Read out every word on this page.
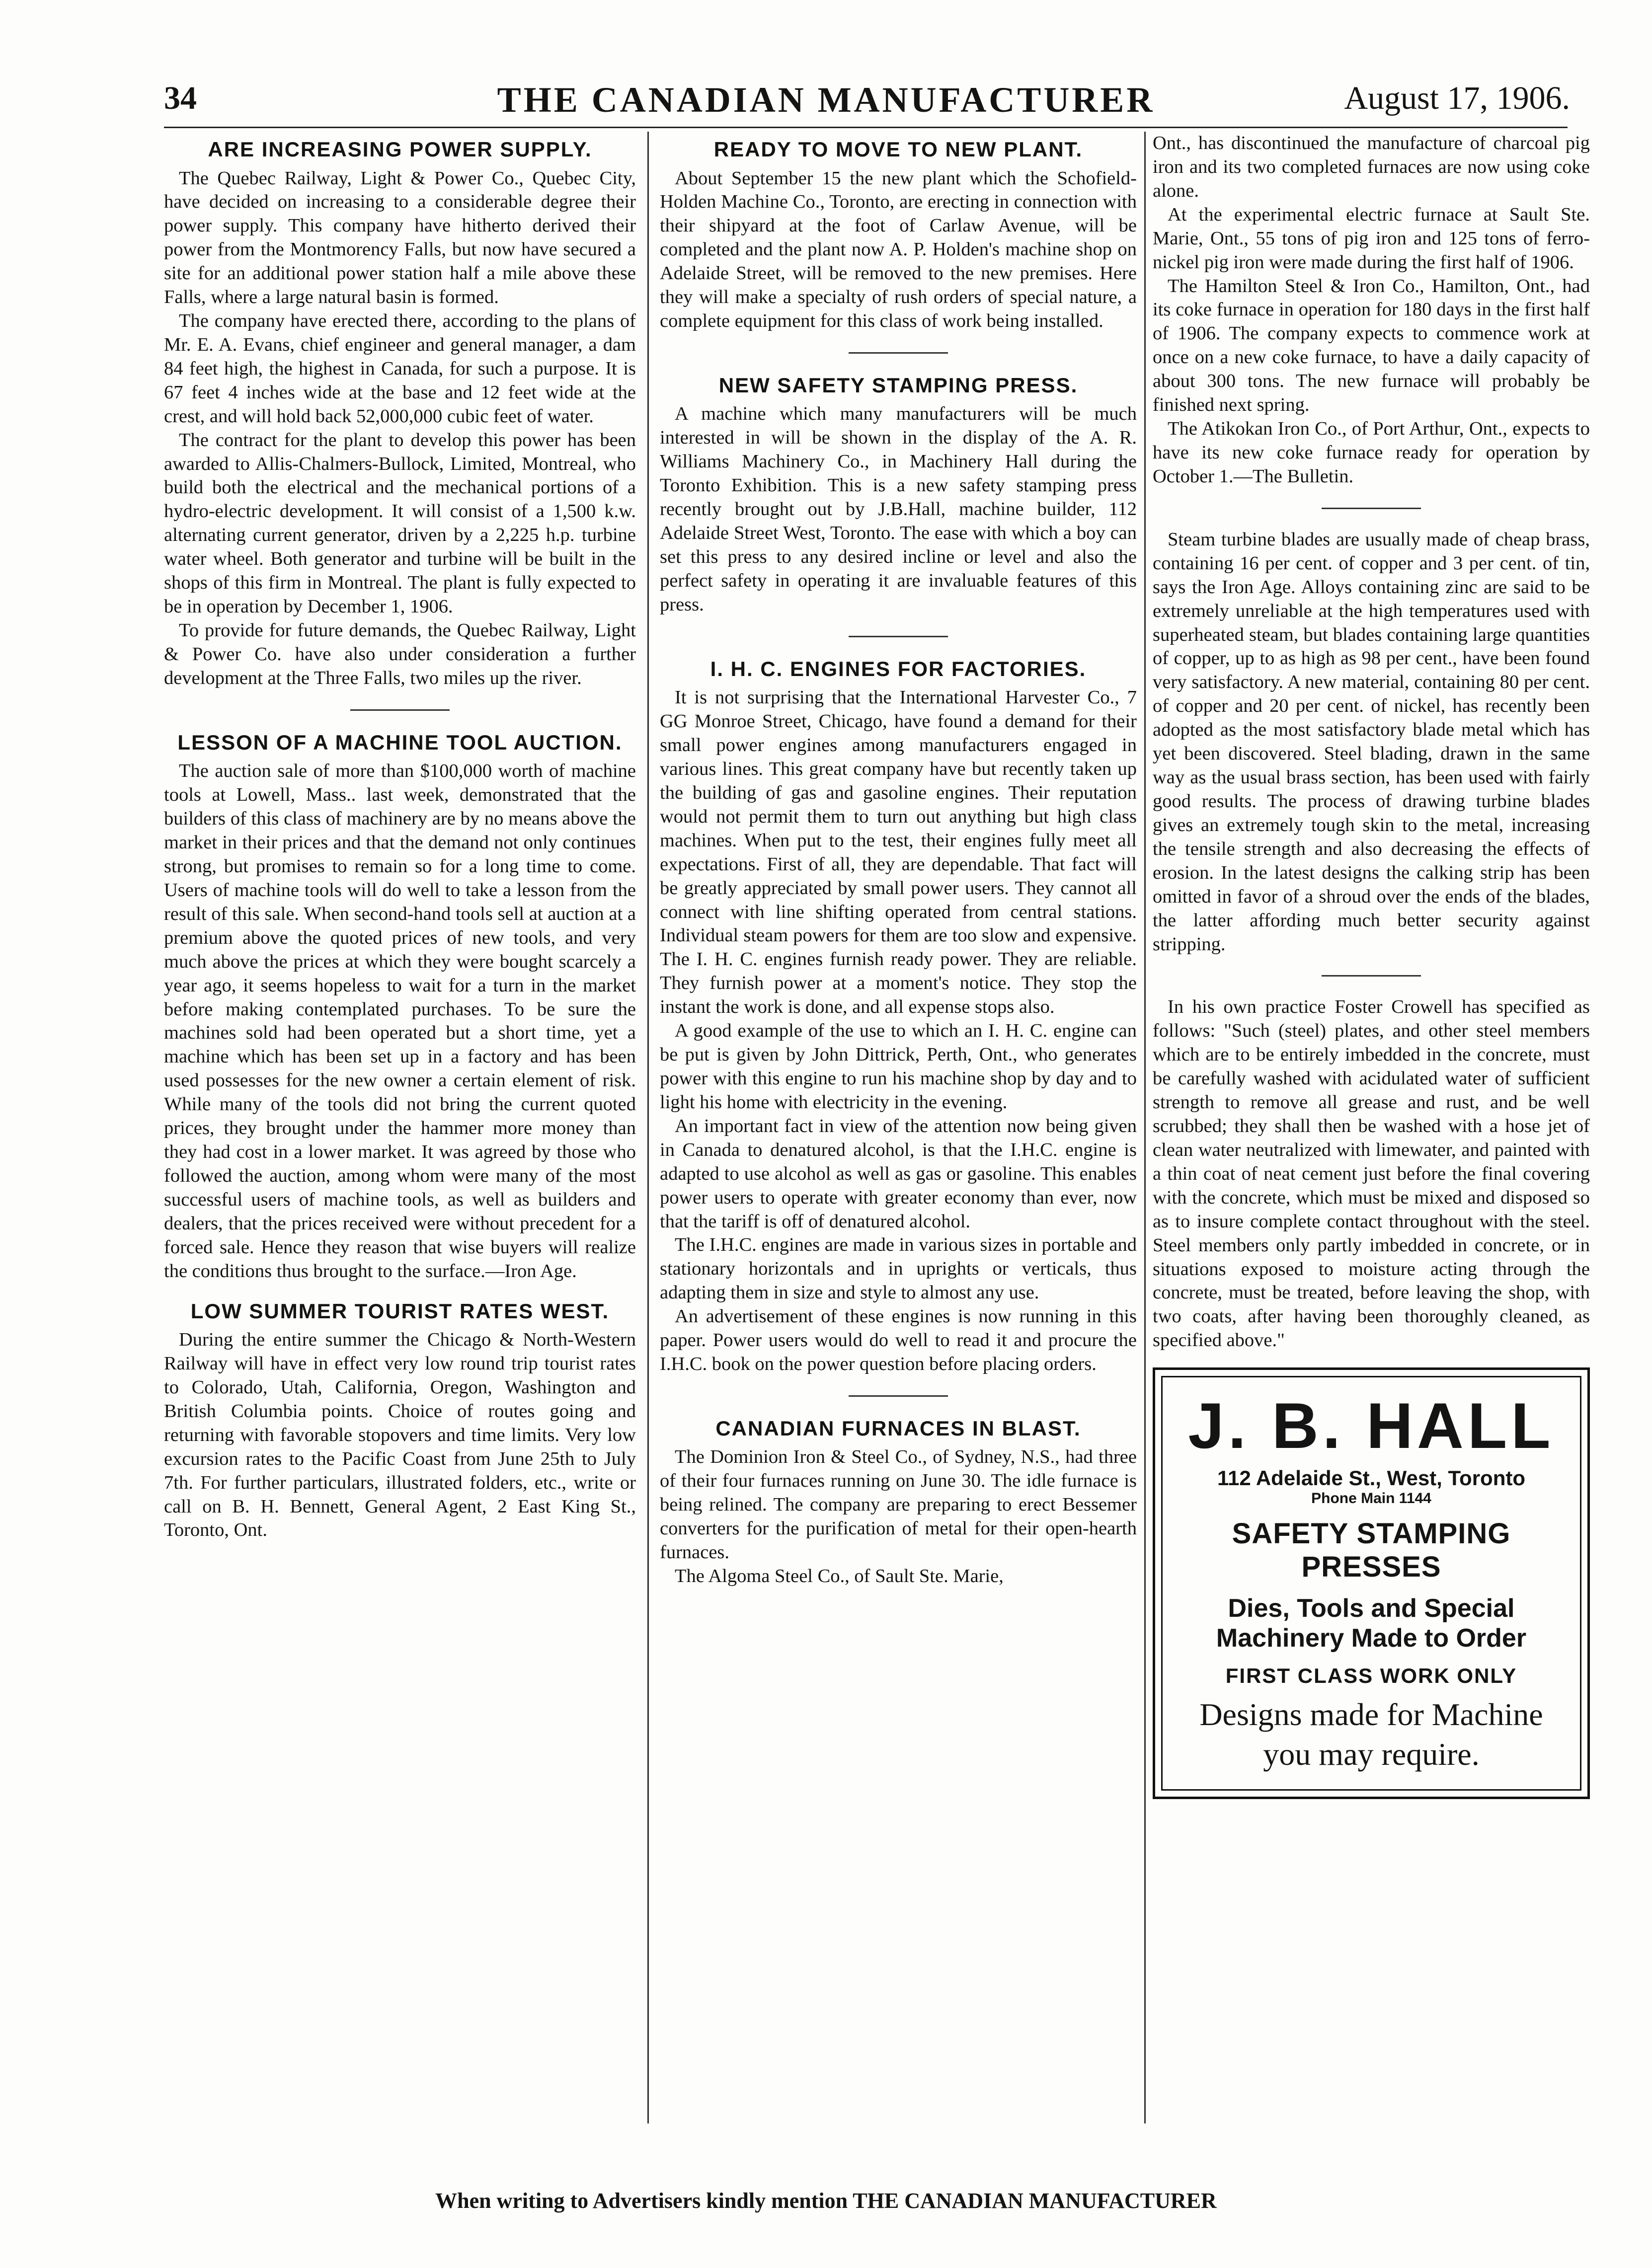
THE CANADIAN MANUFACTURER
34	August 17, 1906.
ARE INCREASING POWER SUPPLY.

The Quebec Railway, Light & Power Co., Quebec City, have decided on increasing to a considerable degree their power supply. This company have hitherto derived their power from the Montmorency Falls, but now have secured a site for an additional power station half a mile above these Falls, where a large natural basin is formed.

The company have erected there, according to the plans of Mr. E. A. Evans, chief engineer and general manager, a dam 84 feet high, the highest in Canada, for such a purpose. It is 67 feet 4 inches wide at the base and 12 feet wide at the crest, and will hold back 52,000,000 cubic feet of water.

The contract for the plant to develop this power has been awarded to Allis-Chalmers-Bullock, Limited, Montreal, who build both the electrical and the mechanical portions of a hydro-electric development. It will consist of a 1,500 k.w. alternating current generator, driven by a 2,225 h.p. turbine water wheel. Both generator and turbine will be built in the shops of this firm in Montreal. The plant is fully expected to be in operation by December 1, 1906.

To provide for future demands, the Quebec Railway, Light & Power Co. have also under consideration a further development at the Three Falls, two miles up the river.

LESSON OF A MACHINE TOOL AUCTION.

The auction sale of more than $100,000 worth of machine tools at Lowell, Mass.. last week, demonstrated that the builders of this class of machinery are by no means above the market in their prices and that the demand not only continues strong, but promises to remain so for a long time to come. Users of machine tools will do well to take a lesson from the result of this sale. When second-hand tools sell at auction at a premium above the quoted prices of new tools, and very much above the prices at which they were bought scarcely a year ago, it seems hopeless to wait for a turn in the market before making contemplated purchases. To be sure the machines sold had been operated but a short time, yet a machine which has been set up in a factory and has been used possesses for the new owner a certain element of risk. While many of the tools did not bring the current quoted prices, they brought under the hammer more money than they had cost in a lower market. It was agreed by those who followed the auction, among whom were many of the most successful users of machine tools, as well as builders and dealers, that the prices received were without precedent for a forced sale. Hence they reason that wise buyers will realize the conditions thus brought to the surface.—Iron Age.

LOW SUMMER TOURIST RATES WEST.

During the entire summer the Chicago & North-Western Railway will have in effect very low round trip tourist rates to Colorado, Utah, California, Oregon, Washington and British Columbia points. Choice of routes going and returning with favorable stopovers and time limits. Very low excursion rates to the Pacific Coast from June 25th to July 7th. For further particulars, illustrated folders, etc., write or call on B. H. Bennett, General Agent, 2 East King St., Toronto, Ont.

READY TO MOVE TO NEW PLANT.

About September 15 the new plant which the Schofield-Holden Machine Co., Toronto, are erecting in connection with their shipyard at the foot of Carlaw Avenue, will be completed and the plant now A. P. Holden's machine shop on Adelaide Street, will be removed to the new premises. Here they will make a specialty of rush orders of special nature, a complete equipment for this class of work being installed.

NEW SAFETY STAMPING PRESS.

A machine which many manufacturers will be much interested in will be shown in the display of the A. R. Williams Machinery Co., in Machinery Hall during the Toronto Exhibition. This is a new safety stamping press recently brought out by J.B.Hall, machine builder, 112 Adelaide Street West, Toronto. The ease with which a boy can set this press to any desired incline or level and also the perfect safety in operating it are invaluable features of this press.

I. H. C. ENGINES FOR FACTORIES.

It is not surprising that the International Harvester Co., 7 GG Monroe Street, Chicago, have found a demand for their small power engines among manufacturers engaged in various lines. This great company have but recently taken up the building of gas and gasoline engines. Their reputation would not permit them to turn out anything but high class machines. When put to the test, their engines fully meet all expectations. First of all, they are dependable. That fact will be greatly appreciated by small power users. They cannot all connect with line shifting operated from central stations. Individual steam powers for them are too slow and expensive. The I. H. C. engines furnish ready power. They are reliable. They furnish power at a moment's notice. They stop the instant the work is done, and all expense stops also.

A good example of the use to which an I. H. C. engine can be put is given by John Dittrick, Perth, Ont., who generates power with this engine to run his machine shop by day and to light his home with electricity in the evening.

An important fact in view of the attention now being given in Canada to denatured alcohol, is that the I.H.C. engine is adapted to use alcohol as well as gas or gasoline. This enables power users to operate with greater economy than ever, now that the tariff is off of denatured alcohol.

The I.H.C. engines are made in various sizes in portable and stationary horizontals and in uprights or verticals, thus adapting them in size and style to almost any use.

An advertisement of these engines is now running in this paper. Power users would do well to read it and procure the I.H.C. book on the power question before placing orders.

CANADIAN FURNACES IN BLAST.

The Dominion Iron & Steel Co., of Sydney, N.S., had three of their four furnaces running on June 30. The idle furnace is being relined. The company are preparing to erect Bessemer converters for the purification of metal for their open-hearth furnaces.

The Algoma Steel Co., of Sault Ste. Marie,

Ont., has discontinued the manufacture of charcoal pig iron and its two completed furnaces are now using coke alone.

At the experimental electric furnace at Sault Ste. Marie, Ont., 55 tons of pig iron and 125 tons of ferro-nickel pig iron were made during the first half of 1906.

The Hamilton Steel & Iron Co., Hamilton, Ont., had its coke furnace in operation for 180 days in the first half of 1906. The company expects to commence work at once on a new coke furnace, to have a daily capacity of about 300 tons. The new furnace will probably be finished next spring.

The Atikokan Iron Co., of Port Arthur, Ont., expects to have its new coke furnace ready for operation by October 1.—The Bulletin.

Steam turbine blades are usually made of cheap brass, containing 16 per cent. of copper and 3 per cent. of tin, says the Iron Age. Alloys containing zinc are said to be extremely unreliable at the high temperatures used with superheated steam, but blades containing large quantities of copper, up to as high as 98 per cent., have been found very satisfactory. A new material, containing 80 per cent. of copper and 20 per cent. of nickel, has recently been adopted as the most satisfactory blade metal which has yet been discovered. Steel blading, drawn in the same way as the usual brass section, has been used with fairly good results. The process of drawing turbine blades gives an extremely tough skin to the metal, increasing the tensile strength and also decreasing the effects of erosion. In the latest designs the calking strip has been omitted in favor of a shroud over the ends of the blades, the latter affording much better security against stripping.

In his own practice Foster Crowell has specified as follows: "Such (steel) plates, and other steel members which are to be entirely imbedded in the concrete, must be carefully washed with acidulated water of sufficient strength to remove all grease and rust, and be well scrubbed; they shall then be washed with a hose jet of clean water neutralized with limewater, and painted with a thin coat of neat cement just before the final covering with the concrete, which must be mixed and disposed so as to insure complete contact throughout with the steel. Steel members only partly imbedded in concrete, or in situations exposed to moisture acting through the concrete, must be treated, before leaving the shop, with two coats, after having been thoroughly cleaned, as specified above."

J. B. HALL
112 Adelaide St., West, Toronto
Phone Main 1144
SAFETY STAMPING PRESSES
Dies, Tools and Special Machinery Made to Order
FIRST CLASS WORK ONLY
Designs made for Machine you may require.
When writing to Advertisers kindly mention THE CANADIAN MANUFACTURER
